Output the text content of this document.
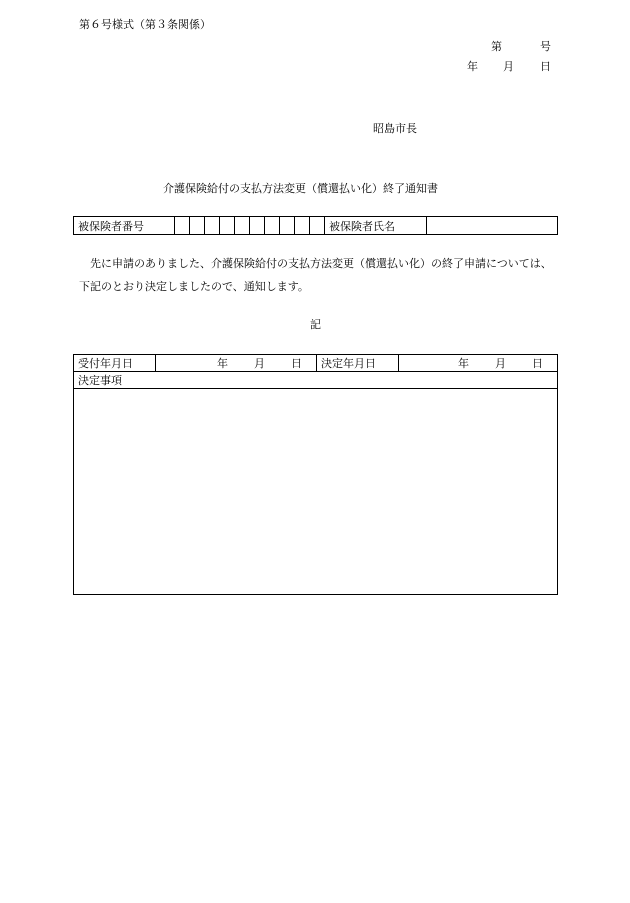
第６号様式（第３条関係）
第	号
年 月 日
昭島市長
介護保険給付の支払方法変更（償還払い化）終了通知書
被保険者番号											被保険者氏名	
先に申請のありました、介護保険給付の支払方法変更（償還払い化）の終了申請については、下記のとおり決定しましたので、通知します。
記
受付年月日	年 月 日	決定年月日	年 月 日

決定事項
